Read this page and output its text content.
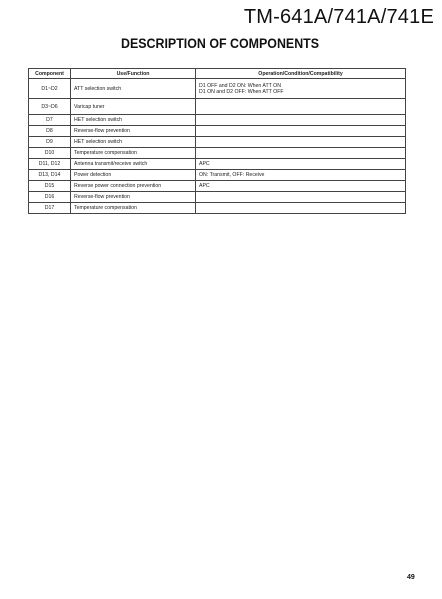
TM-641A/741A/741E
DESCRIPTION OF COMPONENTS
Component	Use/Function	Operation/Condition/Compatibility
D1~D2	ATT selection switch	D1 OFF and D2 ON: When ATT ON
D1 ON and D2 OFF: When ATT OFF

D3~D6	Varicap tuner	
D7	HET selection switch	
D8	Reverse-flow prevention	
D9	HET selection switch	
D10	Temperature compensation	
D11, D12	Antenna transmit/receive switch	APC
D13, D14	Power detection	ON: Transmit, OFF: Receive
D15	Reverse power connection prevention	APC
D16	Reverse-flow prevention	
D17	Temperature compensation	
49
